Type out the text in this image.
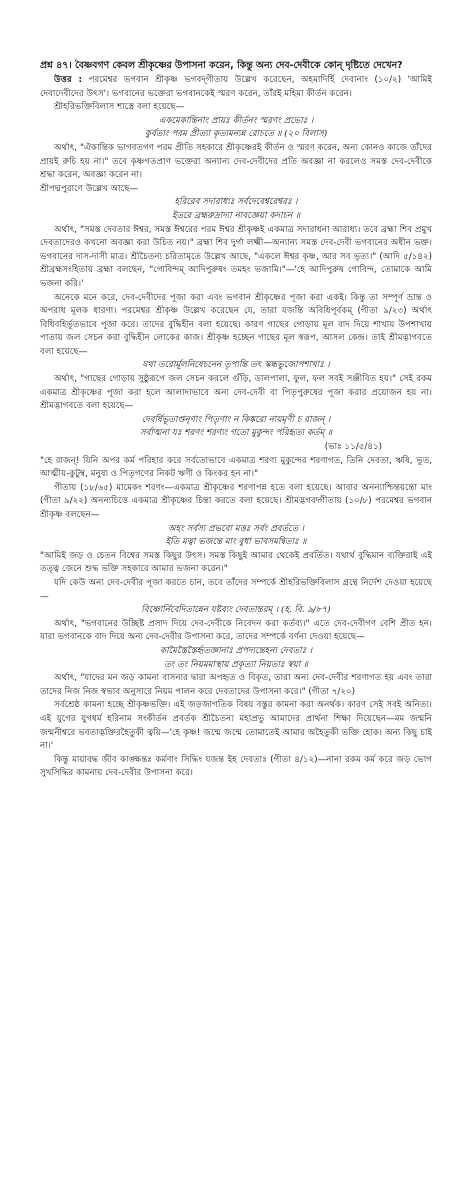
প্রশ্ন ৪৭। বৈষ্ণবগণ কেবল শ্রীকৃষ্ণের উপাসনা করেন, কিন্তু অন্য দেব-দেবীকে কোন্ দৃষ্টিতে দেখেন?

উত্তর : পরমেশ্বর ভগবান শ্রীকৃষ্ণ ভগবদ্‌গীতায় উল্লেখ করেছেন, অহমাদির্হি দেবানাং (১০/২) 'আমিই দেবাদেবীদের উৎস'। ভগবানের ভক্তেরা ভগবানকেই স্মরণ করেন, তাঁরই মহিমা কীর্তন করেন।

শ্রীহরিভক্তিবিলাস শাস্ত্রে বলা হয়েছে—

একমেকান্তিনাং প্রায়ঃ কীর্তনং স্মরণং প্রভোঃ ।

কুর্বতাং পরম প্রীত্যা কৃত্যমন্যন্ন রোচতে ॥ (২০ বিলাস)

অর্থাৎ, "ঐকান্তিক ভাগবতগণ পরম প্রীতি সহকারে শ্রীকৃষ্ণেরই কীর্তন ও স্মরণ করেন, অন্য কোনও কাজে তাঁদের প্রায়ই রুচি হয় না।" তবে কৃষ্ণগতপ্রাণ ভক্তেরা অন্যান্য দেব-দেবীদের প্রতি অবজ্ঞা না করলেও সমস্ত দেব-দেবীকে শ্রদ্ধা করেন, অবজ্ঞা করেন না।

শ্রীপদ্মপুরাণে উল্লেখ আছে—

হরিরেব সদারাধ্যঃ সর্বদেবেশ্বরেশ্বরঃ ।

ইতরে ব্রহ্মরুদ্রাদ্যা নাবজ্ঞেয়া কদাচন ॥

অর্থাৎ, "সমস্ত দেবতার ঈশ্বর, সমস্ত ঈশ্বরের পরম ঈশ্বর শ্রীকৃষ্ণই একমাত্র সদারাধনা আরাধ্য। তবে ব্রহ্মা শিব প্রমুখ দেবতাদেরও কখনো অবজ্ঞা করা উচিত নয়।" ব্রহ্মা শিব দুর্গা লক্ষ্মী—অন্যান্য সমস্ত দেব-দেবী ভগবানের অধীন ভক্ত। ভগবানের দাস-দাসী মাত্র। শ্রীচৈতন্য চরিতামৃতে উল্লেখ আছে, "একলে ঈশ্বর কৃষ্ণ, আর সব ভৃত্য।" (আদি ৫/১৪২) শ্রীব্রহ্মসংহিতায় ব্রহ্মা বলছেন, "গোবিন্দম্ আদিপুরুষং তমহং ভজামি।"—'হে আদিপুরুষ গোবিন্দ, তোমাকে আমি ভজনা করি।'

অনেকে মনে করে, দেব-দেবীদের পূজা করা এবং ভগবান শ্রীকৃষ্ণের পূজা করা একই। কিন্তু তা সম্পূর্ণ ভ্রান্ত ও অপরাধ মূলক ধারণা। পরমেশ্বর শ্রীকৃষ্ণ উল্লেখ করেছেন যে, তারা যজন্তি অবিধিপূর্বকম্ (গীতা ৯/২৩) অর্থাৎ বিধিবহির্ভূতভাবে পূজা করে। তাদের বুদ্ধিহীন বলা হয়েছে। কারণ গাছের গোড়ায় মূল বাদ দিয়ে শাখায় উপশাখায় পাতায় জল সেচন করা বুদ্ধিহীন লোকের কাজ। শ্রীকৃষ্ণ হচ্ছেন গাছের মূল স্বরূপ, আসল কেন্দ্র। তাই শ্রীমদ্ভাগবতে বলা হয়েছে—

যথা তরোর্মূলনিষেচনেন তৃপ্যন্তি তৎ স্কন্ধভুজোপশাখাঃ ।

অর্থাৎ, "গাছের গোড়ায় সুষ্ঠুরূপে জল সেচন করলে গুঁড়ি, ডালপালা, ফুল, ফল সবই সঞ্জীবিত হয়।" সেই রকম একমাত্র শ্রীকৃষ্ণের পূজা করা হলে আলাদাভাবে অন্য দেব-দেবী বা পিতৃপুরুষের পূজা করার প্রয়োজন হয় না। শ্রীমদ্ভাগবতে বলা হয়েছে—

দেবর্ষিভূতাপ্তনৃণাং পিতৃণাং ন কিঙ্করো নায়মৃণী চ রাজন্ ।

সর্বাত্মনা যঃ শরণং শরণ্যং গতো মুকুন্দং পরিহৃত্য কর্তম্ ॥

(ভাঃ ১১/৫/৪১)

"হে রাজন্! যিনি অপর কর্ম পরিহার করে সর্বতোভাবে একমাত্র শরণ্য মুকুন্দের শরণাগত, তিনি দেবতা, ঋষি, ভূত, আত্মীয়-কুটুম্ব, মনুষ্য ও পিতৃগণের নিকট ঋণী ও কিংকর হন না।"

গীতায় (১৮/৬৫) মামেকং শরণং—একমাত্র শ্রীকৃষ্ণের শরণাপন্ন হতে বলা হয়েছে। আবার অনন্যাশ্চিন্তয়ন্তো মাং (গীতা ৯/২২) অনন্যচিত্তে একমাত্র শ্রীকৃষ্ণের চিন্তা করতে বলা হয়েছে। শ্রীমদ্ভগবদ্গীতায় (১০/৮) পরমেশ্বর ভগবান শ্রীকৃষ্ণ বলছেন—

অহং সর্বস্য প্রভবো মত্তঃ সর্বং প্রবর্ততে ।

ইতি মত্বা ভজন্তে মাং বুধা ভাবসমন্বিতাঃ ॥

"আমিই জড় ও চেতন বিশ্বের সমস্ত কিছুর উৎস। সমস্ত কিছুই আমার থেকেই প্রবর্তিত। যথার্থ বুদ্ধিমান ব্যক্তিরাই এই তত্ত্ব জেনে শুদ্ধ ভক্তি সহকারে আমার ভজনা করেন।"

যদি কেউ অন্য দেব-দেবীর পূজা করতে চান, তবে তাঁদের সম্পর্কে শ্রীহরিভক্তিবিলাস গ্রন্থে নির্দেশ দেওয়া হয়েছে—

বিষ্ণোর্নিবেদিতান্নেন যষ্টব্যং দেবতান্তরম্ । (হ. বি. ৯/৮৭)

অর্থাৎ, "ভগবানের উচ্ছিষ্ট প্রসাদ দিয়ে দেব-দেবীকে নিবেদন করা কর্তব্য।" এতে দেব-দেবীগণ বেশি প্রীত হন। যারা ভগবানকে বাদ দিয়ে অন্য দেব-দেবীর উপাসনা করে, তাদের সম্পর্কে বর্ণনা দেওয়া হয়েছে—

কামৈস্তৈস্তৈর্হৃতজ্ঞানাঃ প্রপদ্যন্তেহন্য দেবতাঃ ।

তং তং নিয়মমাস্থায় প্রকৃত্যা নিয়তাঃ স্বয়া ॥

অর্থাৎ, "যাদের মন জড় কামনা বাসনার দ্বারা অপহৃত ও বিকৃত, তারা অন্য দেব-দেবীর শরণাগত হয় এবং তারা তাদের নিজ নিজ স্বভাব অনুসারে নিয়ম পালন করে দেবতাদের উপাসনা করে।" (গীতা ৭/২০)

সর্বশ্রেষ্ঠ কামনা হচ্ছে শ্রীকৃষ্ণভক্তি। এই জড়জাগতিক বিষয় বস্তুর কামনা করা অনর্থক। কারণ সেই সবই অনিত্য। এই যুগের যুগধর্ম হরিনাম সংকীর্তন প্রবর্তক শ্রীচৈতন্য মহাপ্রভু আমাদের প্রার্থনা শিক্ষা দিয়েছেন—মম জন্মনি জন্মনীশ্বরে ভবতাদ্ভক্তিরহৈতুকী ত্বয়ি—'হে কৃষ্ণ! জন্মে জন্মে তোমাতেই আমার অহৈতুকী ভক্তি হোক। অন্য কিছু চাই না।'

কিন্তু মায়াবদ্ধ জীব কাঙ্ক্ষন্তঃ কর্মণাং সিদ্ধিং যজন্ত ইহ দেবতাঃ (গীতা ৪/১২)—নানা রকম কর্ম করে জড় ভোগ সুখসিদ্ধির কামনায় দেব-দেবীর উপাসনা করে।
